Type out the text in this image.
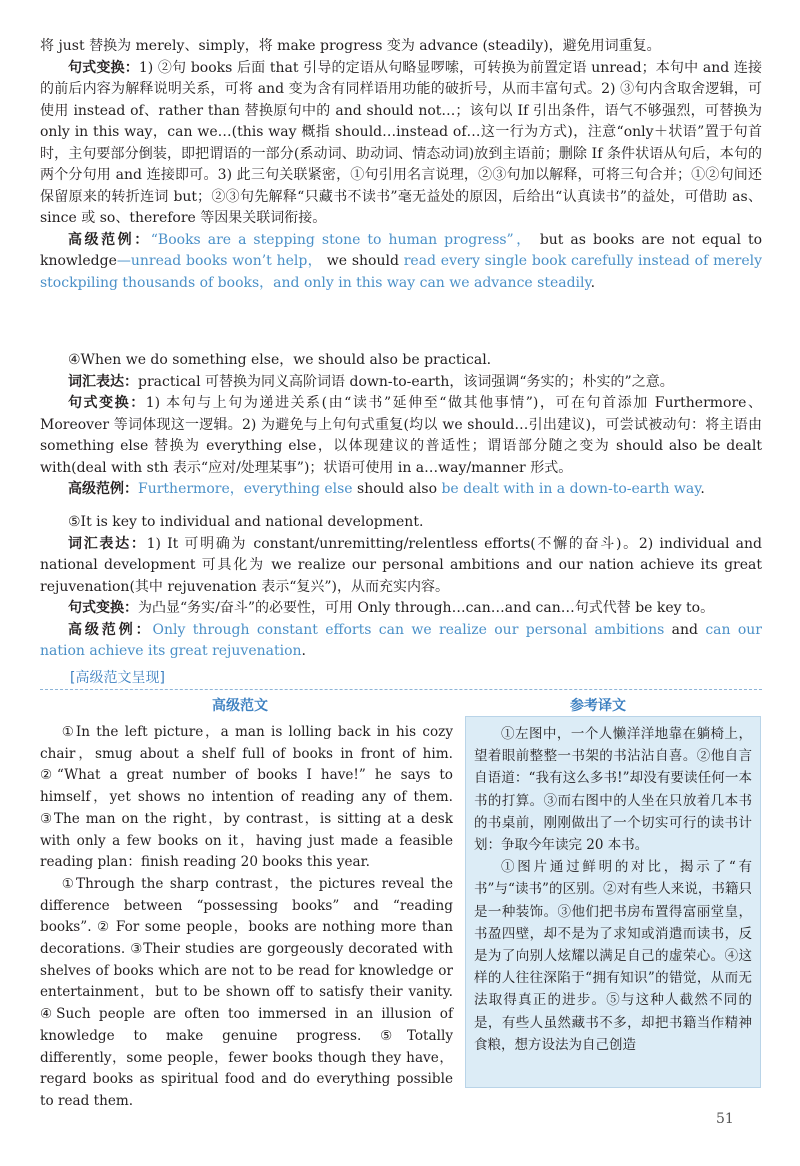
将 just 替换为 merely、simply，将 make progress 变为 advance (steadily)，避免用词重复。

句式变换：1) ②句 books 后面 that 引导的定语从句略显啰嗦，可转换为前置定语 unread；本句中 and 连接的前后内容为解释说明关系，可将 and 变为含有同样语用功能的破折号，从而丰富句式。2) ③句内含取舍逻辑，可使用 instead of、rather than 替换原句中的 and should not…；该句以 If 引出条件，语气不够强烈，可替换为 only in this way，can we…(this way 概指 should…instead of…这一行为方式)，注意“only＋状语”置于句首时，主句要部分倒装，即把谓语的一部分(系动词、助动词、情态动词)放到主语前；删除 If 条件状语从句后，本句的两个分句用 and 连接即可。3) 此三句关联紧密，①句引用名言说理，②③句加以解释，可将三句合并；①②句间还保留原来的转折连词 but；②③句先解释“只藏书不读书”毫无益处的原因，后给出“认真读书”的益处，可借助 as、since 或 so、therefore 等因果关联词衔接。

高级范例：“Books are a stepping stone to human progress”， but as books are not equal to knowledge—unread books won’t help， we should read every single book carefully instead of merely stockpiling thousands of books，and only in this way can we advance steadily.

④When we do something else，we should also be practical.

词汇表达：practical 可替换为同义高阶词语 down-to-earth，该词强调“务实的；朴实的”之意。

句式变换：1) 本句与上句为递进关系(由“读书”延伸至“做其他事情”)，可在句首添加 Furthermore、Moreover 等词体现这一逻辑。2) 为避免与上句句式重复(均以 we should…引出建议)，可尝试被动句：将主语由 something else 替换为 everything else，以体现建议的普适性；谓语部分随之变为 should also be dealt with(deal with sth 表示“应对/处理某事”)；状语可使用 in a…way/manner 形式。

高级范例：Furthermore，everything else should also be dealt with in a down-to-earth way.

⑤It is key to individual and national development.

词汇表达：1) It 可明确为 constant/unremitting/relentless efforts(不懈的奋斗)。2) individual and national development 可具化为 we realize our personal ambitions and our nation achieve its great rejuvenation(其中 rejuvenation 表示“复兴”)，从而充实内容。

句式变换：为凸显“务实/奋斗”的必要性，可用 Only through…can…and can…句式代替 be key to。

高级范例：Only through constant efforts can we realize our personal ambitions and can our nation achieve its great rejuvenation.

[高级范文呈现]
高级范文	参考译文

①In the left picture，a man is lolling back in his cozy chair，smug about a shelf full of books in front of him. ②“What a great number of books I have!” he says to himself，yet shows no intention of reading any of them. ③The man on the right，by contrast，is sitting at a desk with only a few books on it，having just made a feasible reading plan：finish reading 20 books this year.

①Through the sharp contrast，the pictures reveal the difference between “possessing books” and “reading books”. ② For some people，books are nothing more than decorations. ③Their studies are gorgeously decorated with shelves of books which are not to be read for knowledge or entertainment，but to be shown off to satisfy their vanity. ④Such people are often too immersed in an illusion of knowledge to make genuine progress. ⑤Totally differently，some people，fewer books though they have，regard books as spiritual food and do everything possible to read them.

①左图中，一个人懒洋洋地靠在躺椅上，望着眼前整整一书架的书沾沾自喜。②他自言自语道：“我有这么多书!”却没有要读任何一本书的打算。③而右图中的人坐在只放着几本书的书桌前，刚刚做出了一个切实可行的读书计划：争取今年读完 20 本书。

①图片通过鲜明的对比，揭示了“有书”与“读书”的区别。②对有些人来说，书籍只是一种装饰。③他们把书房布置得富丽堂皇，书盈四壁，却不是为了求知或消遣而读书，反是为了向别人炫耀以满足自己的虚荣心。④这样的人往往深陷于“拥有知识”的错觉，从而无法取得真正的进步。⑤与这种人截然不同的是，有些人虽然藏书不多，却把书籍当作精神食粮，想方设法为自己创造

51
